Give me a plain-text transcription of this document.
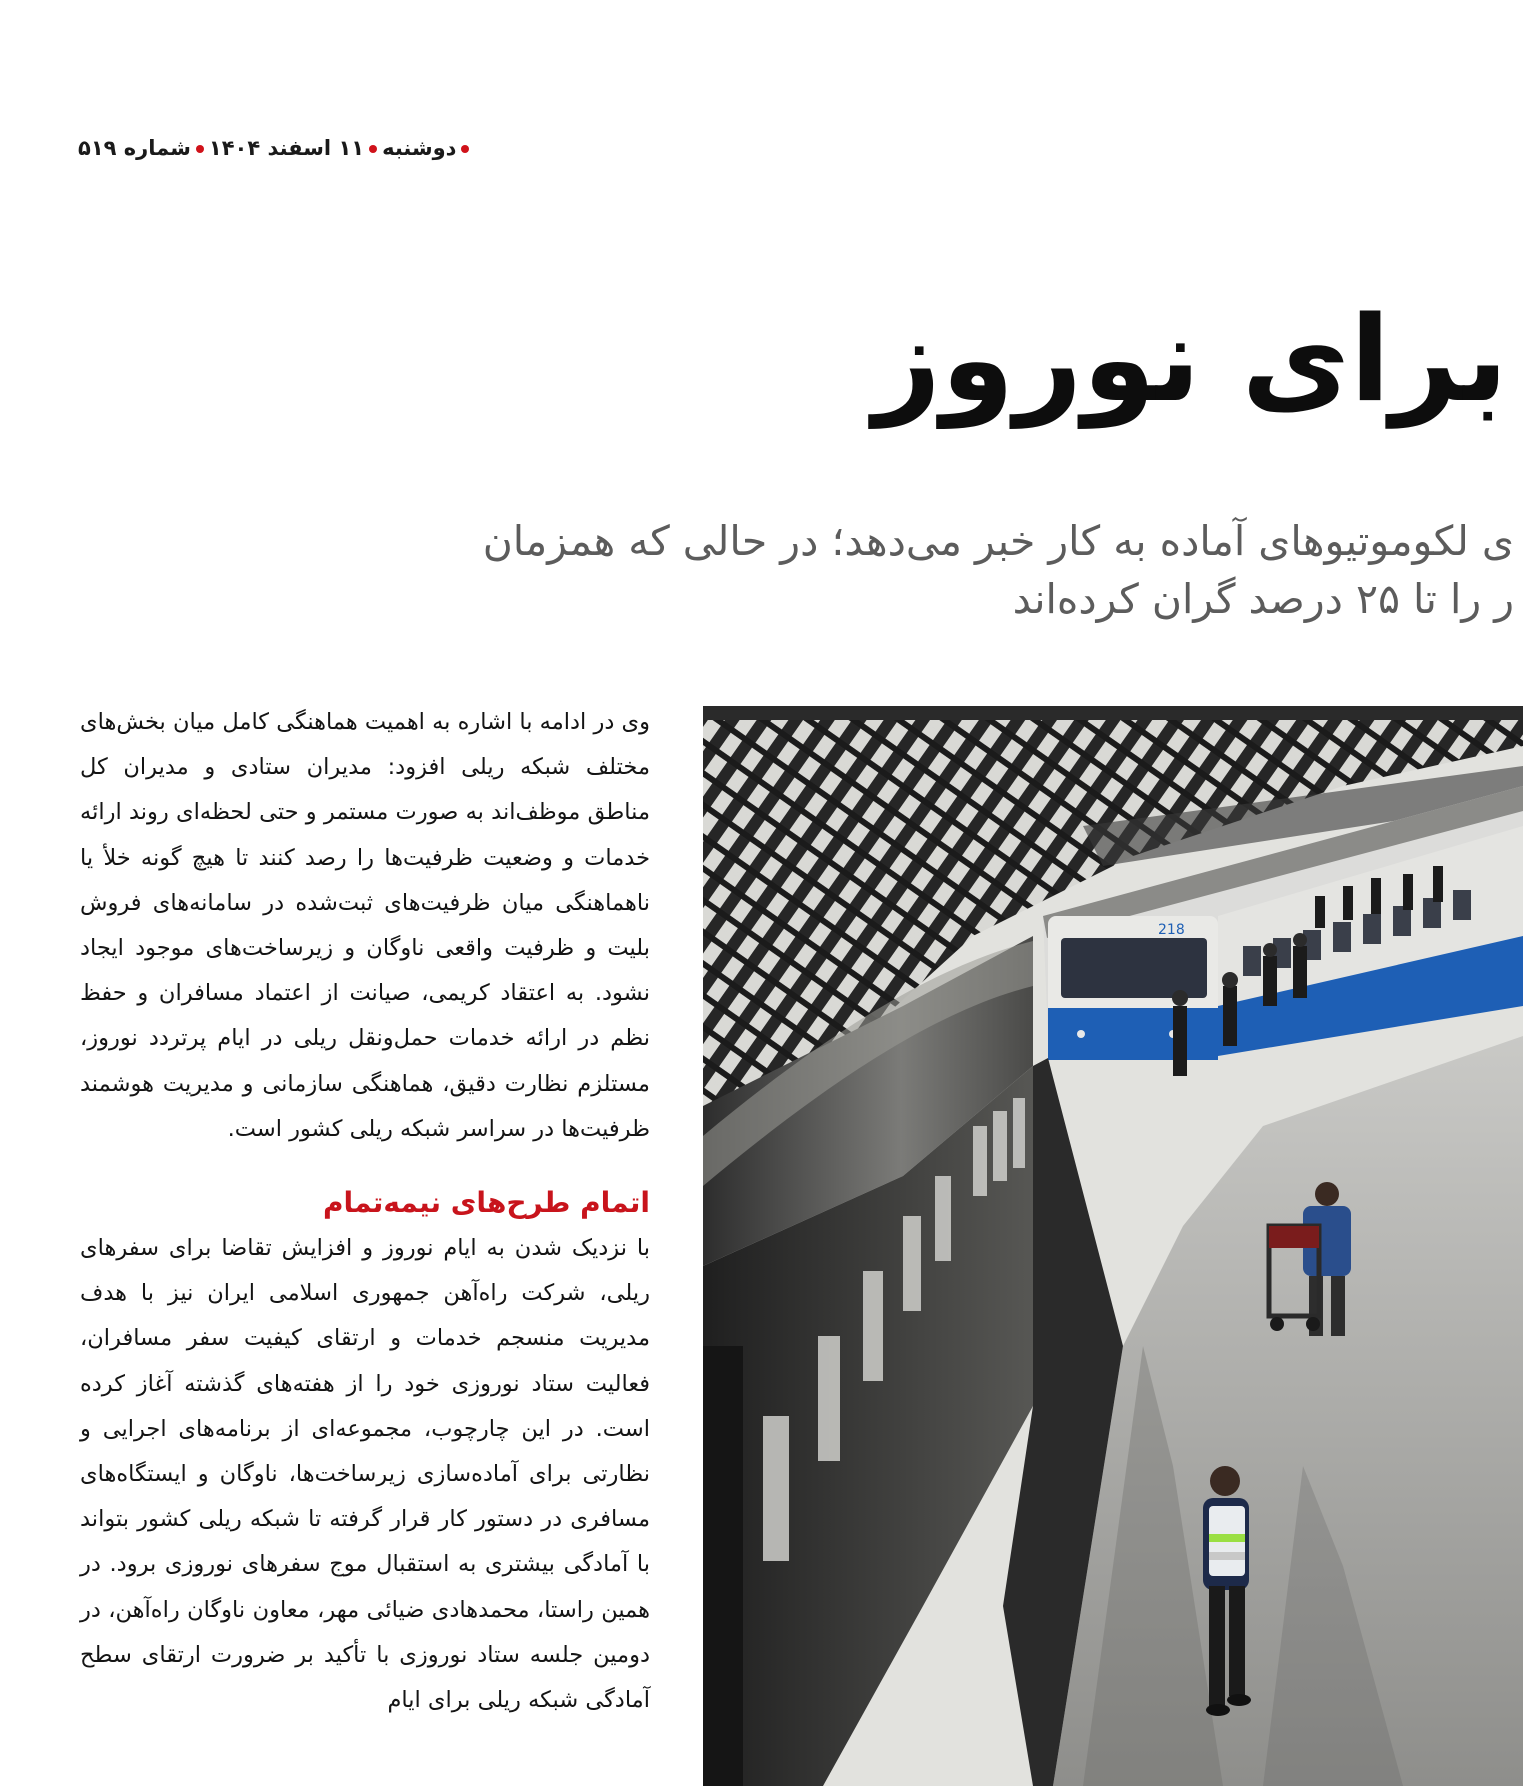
دوشنبه
۱۱ اسفند ۱۴۰۴
شماره ۵۱۹
برای نوروز
ی لکوموتیوهای آماده به کار خبر می‌دهد؛ در حالی که همزمان
ر را تا ۲۵ درصد گران کرده‌اند

وی در ادامه با اشاره به اهمیت هماهنگی کامل میان بخش‌های مختلف شبکه ریلی افزود: مدیران ستادی و مدیران کل مناطق موظف‌اند به صورت مستمر و حتی لحظه‌ای روند ارائه خدمات و وضعیت ظرفیت‌ها را رصد کنند تا هیچ گونه خلأ یا ناهماهنگی میان ظرفیت‌های ثبت‌شده در سامانه‌های فروش بلیت و ظرفیت واقعی ناوگان و زیرساخت‌های موجود ایجاد نشود. به اعتقاد کریمی، صیانت از اعتماد مسافران و حفظ نظم در ارائه خدمات حمل‌ونقل ریلی در ایام پرتردد نوروز، مستلزم نظارت دقیق، هماهنگی سازمانی و مدیریت هوشمند ظرفیت‌ها در سراسر شبکه ریلی کشور است.

اتمام طرح‌های نیمه‌تمام

با نزدیک شدن به ایام نوروز و افزایش تقاضا برای سفرهای ریلی، شرکت راه‌آهن جمهوری اسلامی ایران نیز با هدف مدیریت منسجم خدمات و ارتقای کیفیت سفر مسافران، فعالیت ستاد نوروزی خود را از هفته‌های گذشته آغاز کرده است. در این چارچوب، مجموعه‌ای از برنامه‌های اجرایی و نظارتی برای آماده‌سازی زیرساخت‌ها، ناوگان و ایستگاه‌های مسافری در دستور کار قرار گرفته تا شبکه ریلی کشور بتواند با آمادگی بیشتری به استقبال موج سفرهای نوروزی برود. در همین راستا، محمدهادی ضیائی مهر، معاون ناوگان راه‌آهن، در دومین جلسه ستاد نوروزی با تأکید بر ضرورت ارتقای سطح آمادگی شبکه ریلی برای ایام

218
